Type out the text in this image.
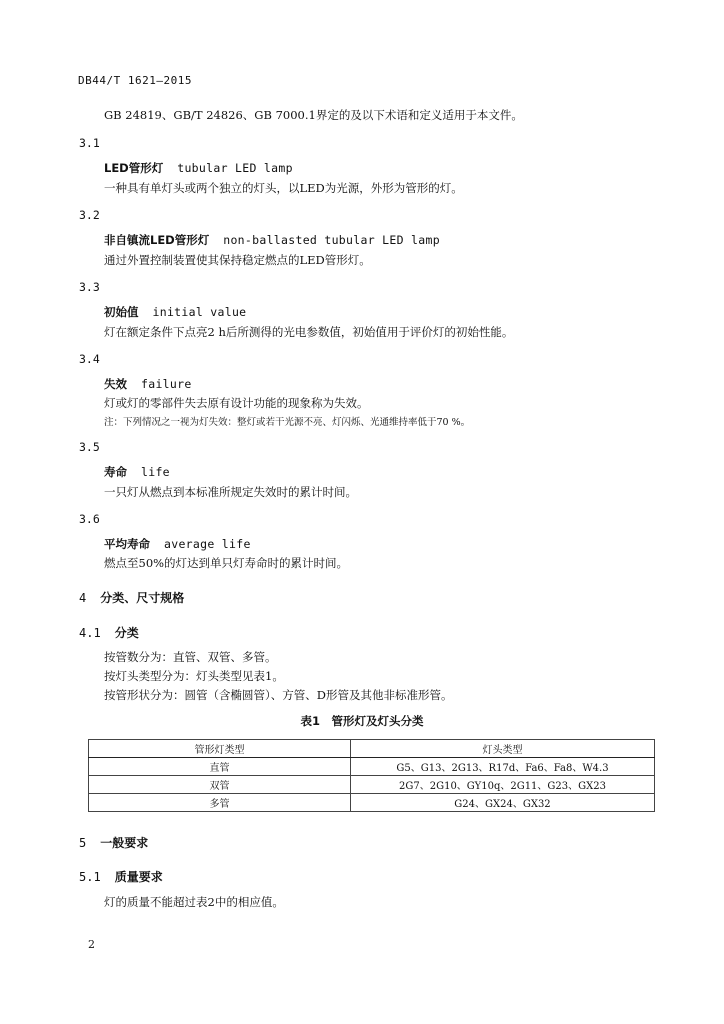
DB44/T 1621—2015
GB 24819、GB/T 24826、GB 7000.1界定的及以下术语和定义适用于本文件。
3.1
LED管形灯 tubular LED lamp
一种具有单灯头或两个独立的灯头，以LED为光源，外形为管形的灯。
3.2
非自镇流LED管形灯 non-ballasted tubular LED lamp
通过外置控制装置使其保持稳定燃点的LED管形灯。
3.3
初始值 initial value
灯在额定条件下点亮2 h后所测得的光电参数值，初始值用于评价灯的初始性能。
3.4
失效 failure
灯或灯的零部件失去原有设计功能的现象称为失效。
注：下列情况之一视为灯失效：整灯或若干光源不亮、灯闪烁、光通维持率低于70 %。
3.5
寿命 life
一只灯从燃点到本标准所规定失效时的累计时间。
3.6
平均寿命 average life
燃点至50%的灯达到单只灯寿命时的累计时间。
4 分类、尺寸规格
4.1 分类
按管数分为：直管、双管、多管。
按灯头类型分为：灯头类型见表1。
按管形状分为：圆管（含椭圆管）、方管、D形管及其他非标准形管。
表1　管形灯及灯头分类
管形灯类型	灯头类型
直管	G5、G13、2G13、R17d、Fa6、Fa8、W4.3
双管	2G7、2G10、GY10q、2G11、G23、GX23
多管	G24、GX24、GX32
5 一般要求
5.1 质量要求
灯的质量不能超过表2中的相应值。
2
